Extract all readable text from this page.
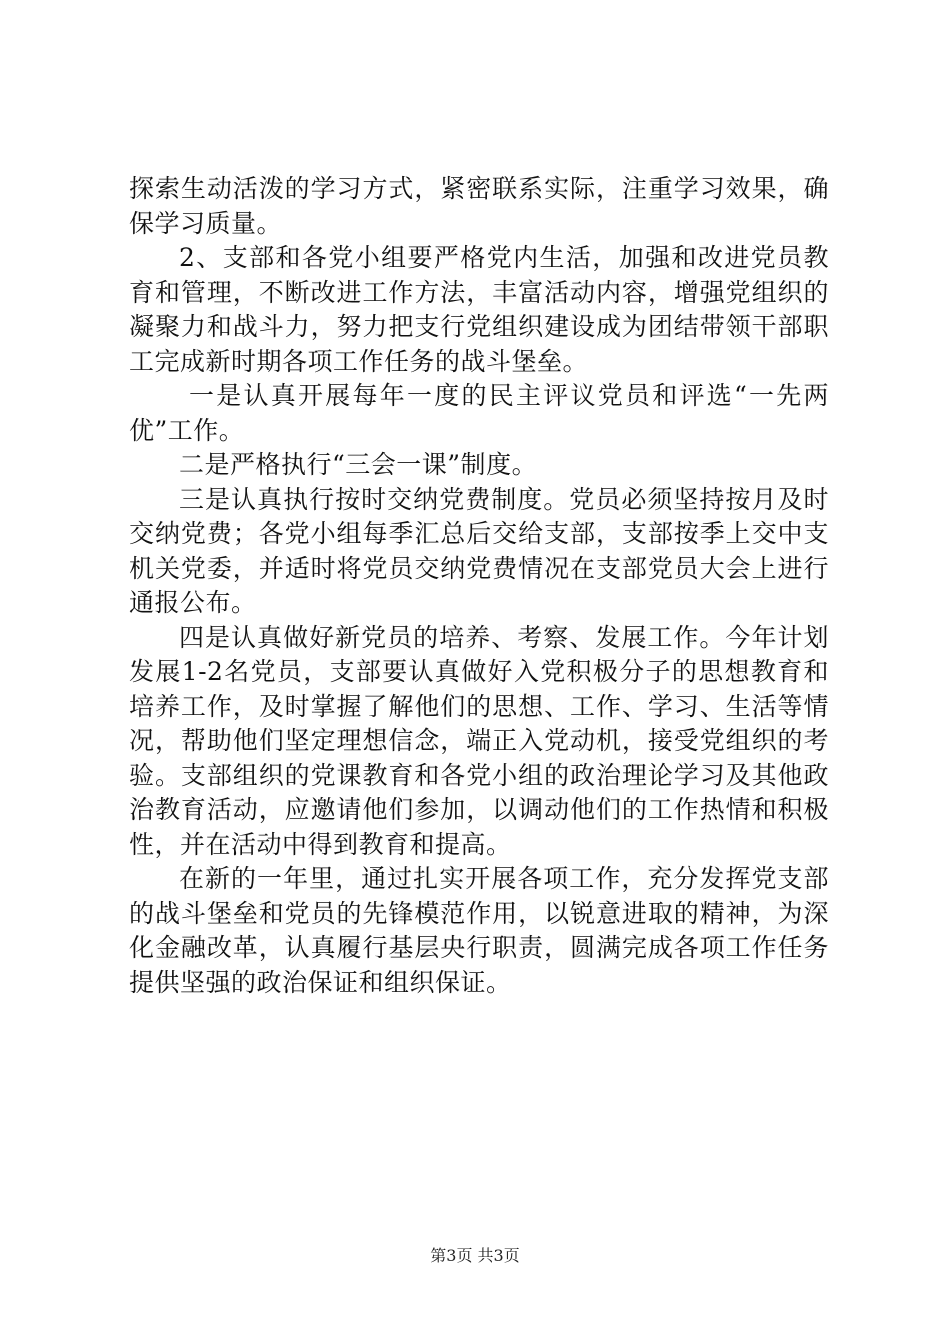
探索生动活泼的学习方式，紧密联系实际，注重学习效果，确保学习质量。

2、支部和各党小组要严格党内生活，加强和改进党员教育和管理，不断改进工作方法，丰富活动内容，增强党组织的凝聚力和战斗力，努力把支行党组织建设成为团结带领干部职工完成新时期各项工作任务的战斗堡垒。

一是认真开展每年一度的民主评议党员和评选“一先两优”工作。

二是严格执行“三会一课”制度。

三是认真执行按时交纳党费制度。党员必须坚持按月及时交纳党费；各党小组每季汇总后交给支部，支部按季上交中支机关党委，并适时将党员交纳党费情况在支部党员大会上进行通报公布。

四是认真做好新党员的培养、考察、发展工作。今年计划发展1-2名党员，支部要认真做好入党积极分子的思想教育和培养工作，及时掌握了解他们的思想、工作、学习、生活等情况，帮助他们坚定理想信念，端正入党动机，接受党组织的考验。支部组织的党课教育和各党小组的政治理论学习及其他政治教育活动，应邀请他们参加，以调动他们的工作热情和积极性，并在活动中得到教育和提高。

在新的一年里，通过扎实开展各项工作，充分发挥党支部的战斗堡垒和党员的先锋模范作用，以锐意进取的精神，为深化金融改革，认真履行基层央行职责，圆满完成各项工作任务提供坚强的政治保证和组织保证。

第3页 共3页
